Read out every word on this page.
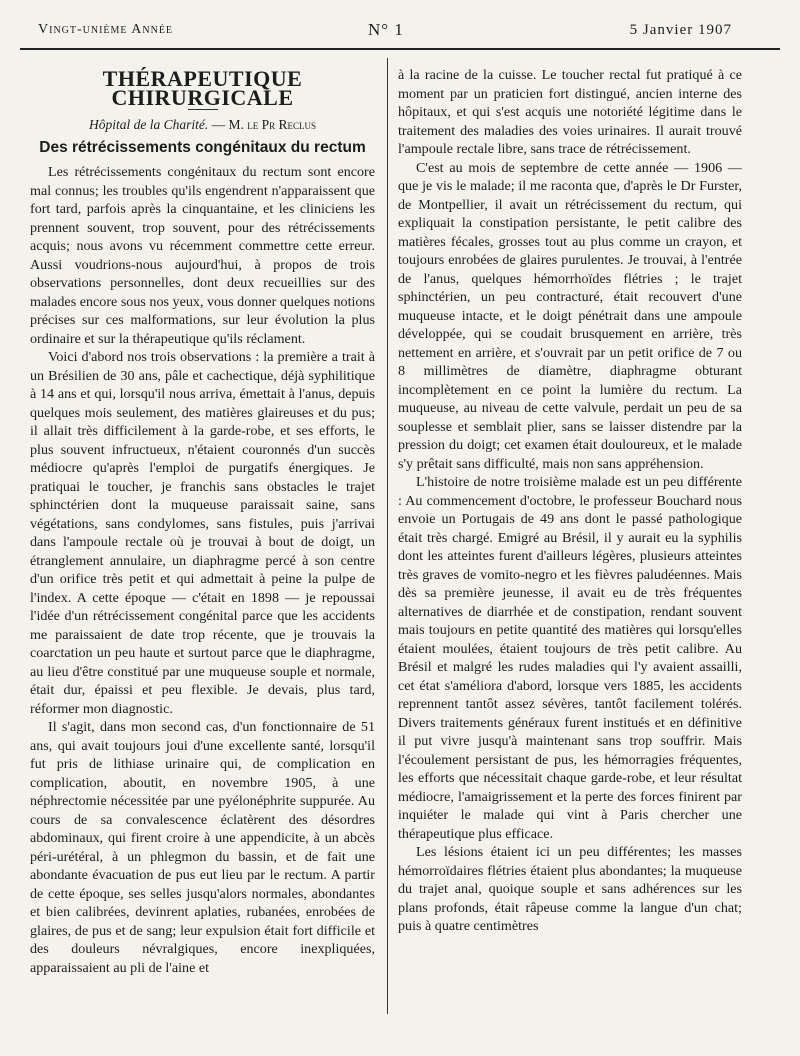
Vingt-unième Année	N° 1	5 Janvier 1907
THÉRAPEUTIQUE CHIRURGICALE
Hôpital de la Charité. — M. le Pr Reclus
Des rétrécissements congénitaux du rectum

Les rétrécissements congénitaux du rectum sont encore mal connus; les troubles qu'ils engendrent n'apparaissent que fort tard, parfois après la cinquantaine, et les cliniciens les prennent souvent, trop souvent, pour des rétrécissements acquis; nous avons vu récemment commettre cette erreur. Aussi voudrions-nous aujourd'hui, à propos de trois observations personnelles, dont deux recueillies sur des malades encore sous nos yeux, vous donner quelques notions précises sur ces malformations, sur leur évolution la plus ordinaire et sur la thérapeutique qu'ils réclament.

Voici d'abord nos trois observations : la première a trait à un Brésilien de 30 ans, pâle et cachectique, déjà syphilitique à 14 ans et qui, lorsqu'il nous arriva, émettait à l'anus, depuis quelques mois seulement, des matières glaireuses et du pus; il allait très difficilement à la garde-robe, et ses efforts, le plus souvent infructueux, n'étaient couronnés d'un succès médiocre qu'après l'emploi de purgatifs énergiques. Je pratiquai le toucher, je franchis sans obstacles le trajet sphinctérien dont la muqueuse paraissait saine, sans végétations, sans condylomes, sans fistules, puis j'arrivai dans l'ampoule rectale où je trouvai à bout de doigt, un étranglement annulaire, un diaphragme percé à son centre d'un orifice très petit et qui admettait à peine la pulpe de l'index. A cette époque — c'était en 1898 — je repoussai l'idée d'un rétrécissement congénital parce que les accidents me paraissaient de date trop récente, que je trouvais la coarctation un peu haute et surtout parce que le diaphragme, au lieu d'être constitué par une muqueuse souple et normale, était dur, épaissi et peu flexible. Je devais, plus tard, réformer mon diagnostic.

Il s'agit, dans mon second cas, d'un fonctionnaire de 51 ans, qui avait toujours joui d'une excellente santé, lorsqu'il fut pris de lithiase urinaire qui, de complication en complication, aboutit, en novembre 1905, à une néphrectomie nécessitée par une pyélonéphrite suppurée. Au cours de sa convalescence éclatèrent des désordres abdominaux, qui firent croire à une appendicite, à un abcès péri-urétéral, à un phlegmon du bassin, et de fait une abondante évacuation de pus eut lieu par le rectum. A partir de cette époque, ses selles jusqu'alors normales, abondantes et bien calibrées, devinrent aplaties, rubanées, enrobées de glaires, de pus et de sang; leur expulsion était fort difficile et des douleurs névralgiques, encore inexpliquées, apparaissaient au pli de l'aine et

à la racine de la cuisse. Le toucher rectal fut pratiqué à ce moment par un praticien fort distingué, ancien interne des hôpitaux, et qui s'est acquis une notoriété légitime dans le traitement des maladies des voies urinaires. Il aurait trouvé l'ampoule rectale libre, sans trace de rétrécissement.

C'est au mois de septembre de cette année — 1906 — que je vis le malade; il me raconta que, d'après le Dr Furster, de Montpellier, il avait un rétrécissement du rectum, qui expliquait la constipation persistante, le petit calibre des matières fécales, grosses tout au plus comme un crayon, et toujours enrobées de glaires purulentes. Je trouvai, à l'entrée de l'anus, quelques hémorrhoïdes flétries ; le trajet sphinctérien, un peu contracturé, était recouvert d'une muqueuse intacte, et le doigt pénétrait dans une ampoule développée, qui se coudait brusquement en arrière, très nettement en arrière, et s'ouvrait par un petit orifice de 7 ou 8 millimètres de diamètre, diaphragme obturant incomplètement en ce point la lumière du rectum. La muqueuse, au niveau de cette valvule, perdait un peu de sa souplesse et semblait plier, sans se laisser distendre par la pression du doigt; cet examen était douloureux, et le malade s'y prêtait sans difficulté, mais non sans appréhension.

L'histoire de notre troisième malade est un peu différente : Au commencement d'octobre, le professeur Bouchard nous envoie un Portugais de 49 ans dont le passé pathologique était très chargé. Emigré au Brésil, il y aurait eu la syphilis dont les atteintes furent d'ailleurs légères, plusieurs atteintes très graves de vomito-negro et les fièvres paludéennes. Mais dès sa première jeunesse, il avait eu de très fréquentes alternatives de diarrhée et de constipation, rendant souvent mais toujours en petite quantité des matières qui lorsqu'elles étaient moulées, étaient toujours de très petit calibre. Au Brésil et malgré les rudes maladies qui l'y avaient assailli, cet état s'améliora d'abord, lorsque vers 1885, les accidents reprennent tantôt assez sévères, tantôt facilement tolérés. Divers traitements généraux furent institués et en définitive il put vivre jusqu'à maintenant sans trop souffrir. Mais l'écoulement persistant de pus, les hémorragies fréquentes, les efforts que nécessitait chaque garde-robe, et leur résultat médiocre, l'amaigrissement et la perte des forces finirent par inquiéter le malade qui vint à Paris chercher une thérapeutique plus efficace.

Les lésions étaient ici un peu différentes; les masses hémorroïdaires flétries étaient plus abondantes; la muqueuse du trajet anal, quoique souple et sans adhérences sur les plans profonds, était râpeuse comme la langue d'un chat; puis à quatre centimètres
